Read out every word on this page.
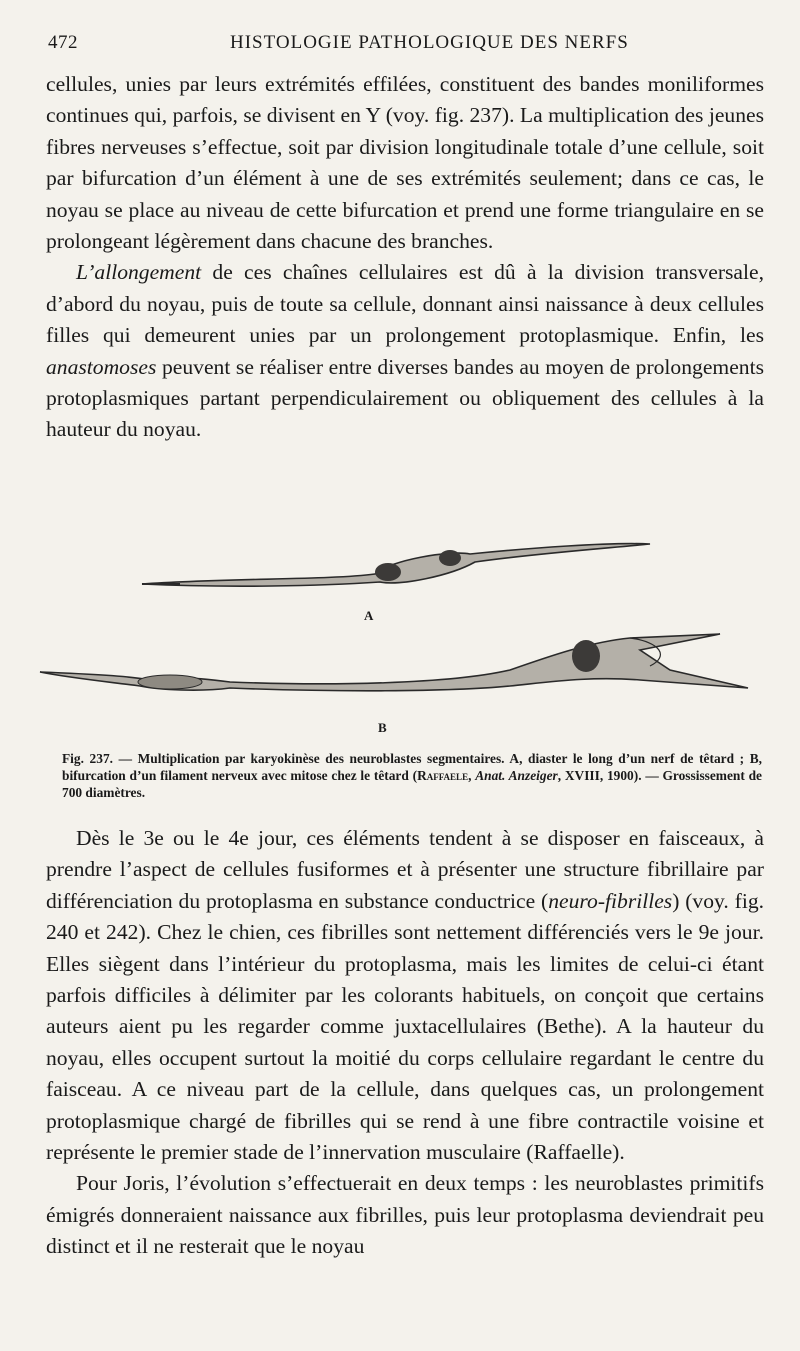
472	HISTOLOGIE PATHOLOGIQUE DES NERFS

cellules, unies par leurs extrémités effilées, constituent des bandes moniliformes continues qui, parfois, se divisent en Y (voy. fig. 237). La multiplication des jeunes fibres nerveuses s’effectue, soit par division longitudinale totale d’une cellule, soit par bifurcation d’un élément à une de ses extrémités seulement; dans ce cas, le noyau se place au niveau de cette bifurcation et prend une forme triangulaire en se prolongeant légèrement dans chacune des branches.

L’allongement de ces chaînes cellulaires est dû à la division transversale, d’abord du noyau, puis de toute sa cellule, donnant ainsi naissance à deux cellules filles qui demeurent unies par un prolongement protoplasmique. Enfin, les anastomoses peuvent se réaliser entre diverses bandes au moyen de prolongements protoplasmiques partant perpendiculairement ou obliquement des cellules à la hauteur du noyau.

A
B
Fig. 237. — Multiplication par karyokinèse des neuroblastes segmentaires. A, diaster le long d’un nerf de têtard ; B, bifurcation d’un filament nerveux avec mitose chez le têtard (Raffaele, Anat. Anzeiger, XVIII, 1900). — Grossissement de 700 diamètres.

Dès le 3e ou le 4e jour, ces éléments tendent à se disposer en faisceaux, à prendre l’aspect de cellules fusiformes et à présenter une structure fibrillaire par différenciation du protoplasma en substance conductrice (neuro-fibrilles) (voy. fig. 240 et 242). Chez le chien, ces fibrilles sont nettement différenciés vers le 9e jour. Elles siègent dans l’intérieur du protoplasma, mais les limites de celui-ci étant parfois difficiles à délimiter par les colorants habituels, on conçoit que certains auteurs aient pu les regarder comme juxtacellulaires (Bethe). A la hauteur du noyau, elles occupent surtout la moitié du corps cellulaire regardant le centre du faisceau. A ce niveau part de la cellule, dans quelques cas, un prolongement protoplasmique chargé de fibrilles qui se rend à une fibre contractile voisine et représente le premier stade de l’innervation musculaire (Raffaelle).

Pour Joris, l’évolution s’effectuerait en deux temps : les neuroblastes primitifs émigrés donneraient naissance aux fibrilles, puis leur protoplasma deviendrait peu distinct et il ne resterait que le noyau
